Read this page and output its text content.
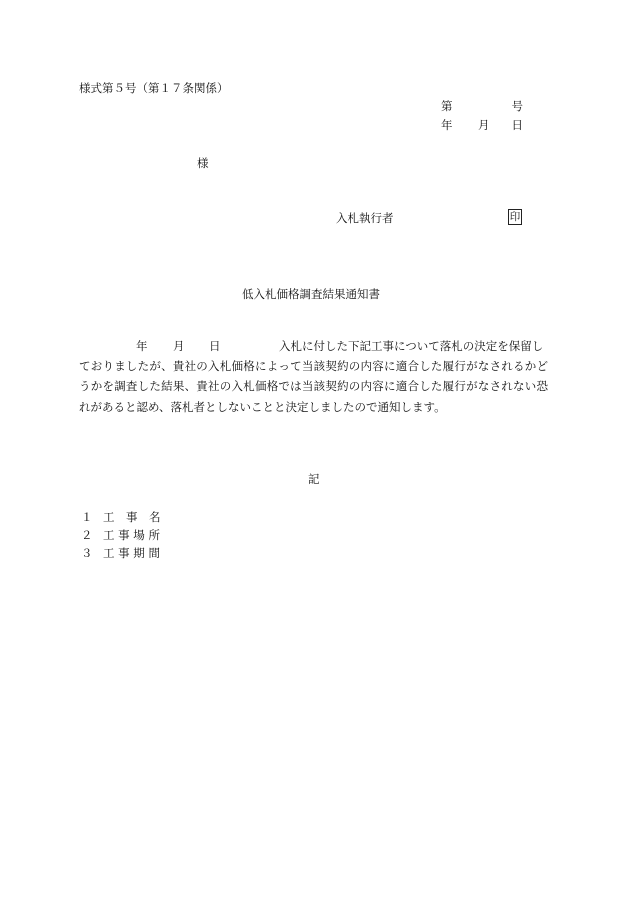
様式第５号（第１７条関係）
第	号
年 月 日
様
入札執行者	印
低入札価格調査結果通知書
年 月 日	入札に付した下記工事について落札の決定を保留し
ておりましたが、貴社の入札価格によって当該契約の内容に適合した履行がなされるかど
うかを調査した結果、貴社の入札価格では当該契約の内容に適合した履行がなされない恐
れがあると認め、落札者としないことと決定しましたので通知します。
記
１ 工　事　名
２ 工 事 場 所
３ 工 事 期 間
